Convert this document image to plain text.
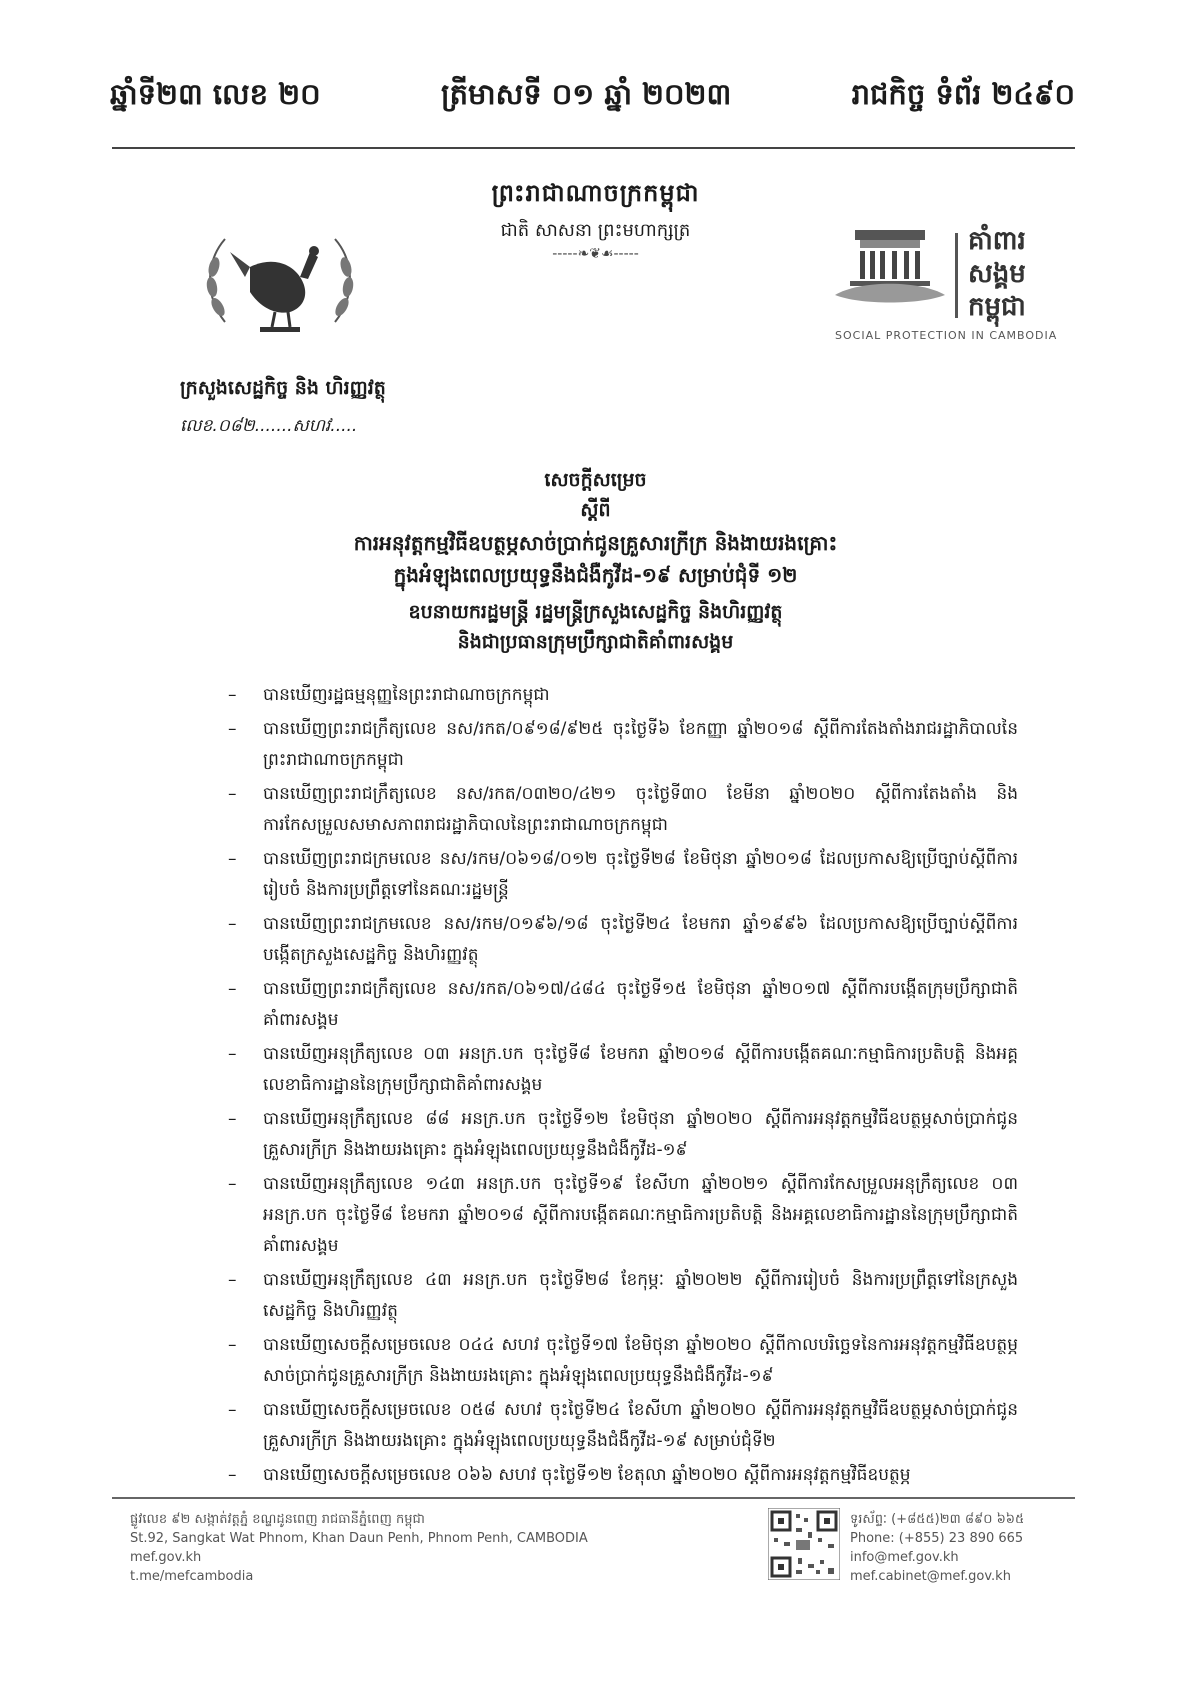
ឆ្នាំទី២៣ លេខ ២០	ត្រីមាសទី ០១ ឆ្នាំ ២០២៣	រាជកិច្ច ទំព័រ ២៤៩០
ព្រះរាជាណាចក្រកម្ពុជា
ជាតិ សាសនា ព្រះមហាក្សត្រ
-----❧❦☙-----	គាំពារ
សង្គម
កម្ពុជា
SOCIAL PROTECTION IN CAMBODIA
ក្រសួងសេដ្ឋកិច្ច និង ហិរញ្ញវត្ថុ
លេខ.០៨២.......សហវ.....
សេចក្តីសម្រេច
ស្តីពី
ការអនុវត្តកម្មវិធីឧបត្ថម្ភសាច់ប្រាក់ជូនគ្រួសារក្រីក្រ និងងាយរងគ្រោះ
ក្នុងអំឡុងពេលប្រយុទ្ធនឹងជំងឺកូវីដ-១៩ សម្រាប់ជុំទី ១២
ឧបនាយករដ្ឋមន្ត្រី រដ្ឋមន្ត្រីក្រសួងសេដ្ឋកិច្ច និងហិរញ្ញវត្ថុ
និងជាប្រធានក្រុមប្រឹក្សាជាតិគាំពារសង្គម
–	បានឃើញរដ្ឋធម្មនុញ្ញនៃព្រះរាជាណាចក្រកម្ពុជា
–	បានឃើញព្រះរាជក្រឹត្យលេខ នស/រកត/០៩១៨/៩២៥ ចុះថ្ងៃទី៦ ខែកញ្ញា ឆ្នាំ២០១៨ ស្តីពីការតែងតាំងរាជរដ្ឋាភិបាលនៃព្រះរាជាណាចក្រកម្ពុជា
–	បានឃើញព្រះរាជក្រឹត្យលេខ នស/រកត/០៣២០/៤២១ ចុះថ្ងៃទី៣០ ខែមីនា ឆ្នាំ២០២០ ស្តីពីការតែងតាំង និងការកែសម្រួលសមាសភាពរាជរដ្ឋាភិបាលនៃព្រះរាជាណាចក្រកម្ពុជា
–	បានឃើញព្រះរាជក្រមលេខ នស/រកម/០៦១៨/០១២ ចុះថ្ងៃទី២៨ ខែមិថុនា ឆ្នាំ២០១៨ ដែលប្រកាសឱ្យប្រើច្បាប់ស្តីពីការរៀបចំ និងការប្រព្រឹត្តទៅនៃគណៈរដ្ឋមន្ត្រី
–	បានឃើញព្រះរាជក្រមលេខ នស/រកម/០១៩៦/១៨ ចុះថ្ងៃទី២៤ ខែមករា ឆ្នាំ១៩៩៦ ដែលប្រកាសឱ្យប្រើច្បាប់ស្តីពីការបង្កើតក្រសួងសេដ្ឋកិច្ច និងហិរញ្ញវត្ថុ
–	បានឃើញព្រះរាជក្រឹត្យលេខ នស/រកត/០៦១៧/៤៨៤ ចុះថ្ងៃទី១៥ ខែមិថុនា ឆ្នាំ២០១៧ ស្តីពីការបង្កើតក្រុមប្រឹក្សាជាតិគាំពារសង្គម
–	បានឃើញអនុក្រឹត្យលេខ ០៣ អនក្រ.បក ចុះថ្ងៃទី៨ ខែមករា ឆ្នាំ២០១៨ ស្តីពីការបង្កើតគណៈកម្មាធិការប្រតិបត្តិ និងអគ្គលេខាធិការដ្ឋាននៃក្រុមប្រឹក្សាជាតិគាំពារសង្គម
–	បានឃើញអនុក្រឹត្យលេខ ៨៨ អនក្រ.បក ចុះថ្ងៃទី១២ ខែមិថុនា ឆ្នាំ២០២០ ស្តីពីការអនុវត្តកម្មវិធីឧបត្ថម្ភសាច់ប្រាក់ជូនគ្រួសារក្រីក្រ និងងាយរងគ្រោះ ក្នុងអំឡុងពេលប្រយុទ្ធនឹងជំងឺកូវីដ-១៩
–	បានឃើញអនុក្រឹត្យលេខ ១៤៣ អនក្រ.បក ចុះថ្ងៃទី១៩ ខែសីហា ឆ្នាំ២០២១ ស្តីពីការកែសម្រួលអនុក្រឹត្យលេខ ០៣ អនក្រ.បក ចុះថ្ងៃទី៨ ខែមករា ឆ្នាំ២០១៨ ស្តីពីការបង្កើតគណៈកម្មាធិការប្រតិបត្តិ និងអគ្គលេខាធិការដ្ឋាននៃក្រុមប្រឹក្សាជាតិគាំពារសង្គម
–	បានឃើញអនុក្រឹត្យលេខ ៤៣ អនក្រ.បក ចុះថ្ងៃទី២៨ ខែកុម្ភៈ ឆ្នាំ២០២២ ស្តីពីការរៀបចំ និងការប្រព្រឹត្តទៅនៃក្រសួងសេដ្ឋកិច្ច និងហិរញ្ញវត្ថុ
–	បានឃើញសេចក្តីសម្រេចលេខ ០៤៤ សហវ ចុះថ្ងៃទី១៧ ខែមិថុនា ឆ្នាំ២០២០ ស្តីពីកាលបរិច្ឆេទនៃការអនុវត្តកម្មវិធីឧបត្ថម្ភសាច់ប្រាក់ជូនគ្រួសារក្រីក្រ និងងាយរងគ្រោះ ក្នុងអំឡុងពេលប្រយុទ្ធនឹងជំងឺកូវីដ-១៩
–	បានឃើញសេចក្តីសម្រេចលេខ ០៥៨ សហវ ចុះថ្ងៃទី២៤ ខែសីហា ឆ្នាំ២០២០ ស្តីពីការអនុវត្តកម្មវិធីឧបត្ថម្ភសាច់ប្រាក់ជូនគ្រួសារក្រីក្រ និងងាយរងគ្រោះ ក្នុងអំឡុងពេលប្រយុទ្ធនឹងជំងឺកូវីដ-១៩ សម្រាប់ជុំទី២
–	បានឃើញសេចក្តីសម្រេចលេខ ០៦៦ សហវ ចុះថ្ងៃទី១២ ខែតុលា ឆ្នាំ២០២០ ស្តីពីការអនុវត្តកម្មវិធីឧបត្ថម្ភ
ផ្លូវលេខ ៩២ សង្កាត់វត្តភ្នំ ខណ្ឌដូនពេញ រាជធានីភ្នំពេញ កម្ពុជា
St.92, Sangkat Wat Phnom, Khan Daun Penh, Phnom Penh, CAMBODIA
mef.gov.kh
t.me/mefcambodia
ទូរស័ព្ទៈ (+៨៥៥)២៣ ៨៩០ ៦៦៥
Phone: (+855) 23 890 665
info@mef.gov.kh
mef.cabinet@mef.gov.kh
